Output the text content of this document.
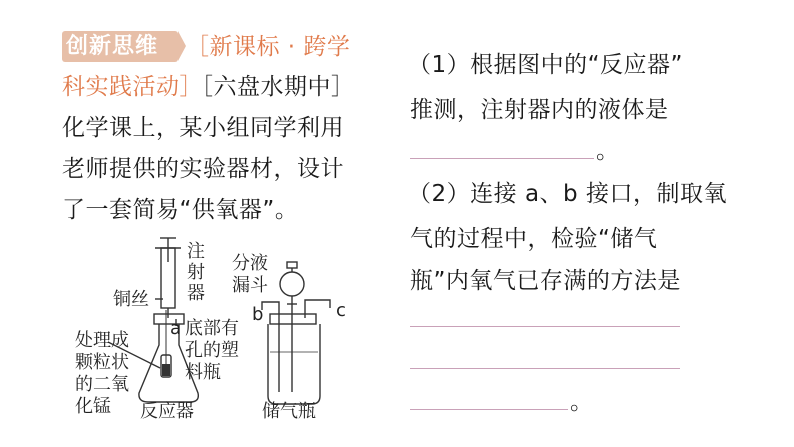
创新思维 ［新课标 · 跨学
科实践活动］
［六盘水期中］
化学课上，某小组同学利用
老师提供的实验器材，设计
了一套简易“供氧器”。
注
射
器
铜丝
a 底部有
孔的塑
料瓶
处理成
颗粒状
的二氧
化锰	反应器
分液
漏斗
b	c
储气瓶
（1）根据图中的“反应器”
推测，注射器内的液体是
。
（2）连接 a、b 接口，制取氧
气的过程中，检验“储气
瓶”内氧气已存满的方法是
。
